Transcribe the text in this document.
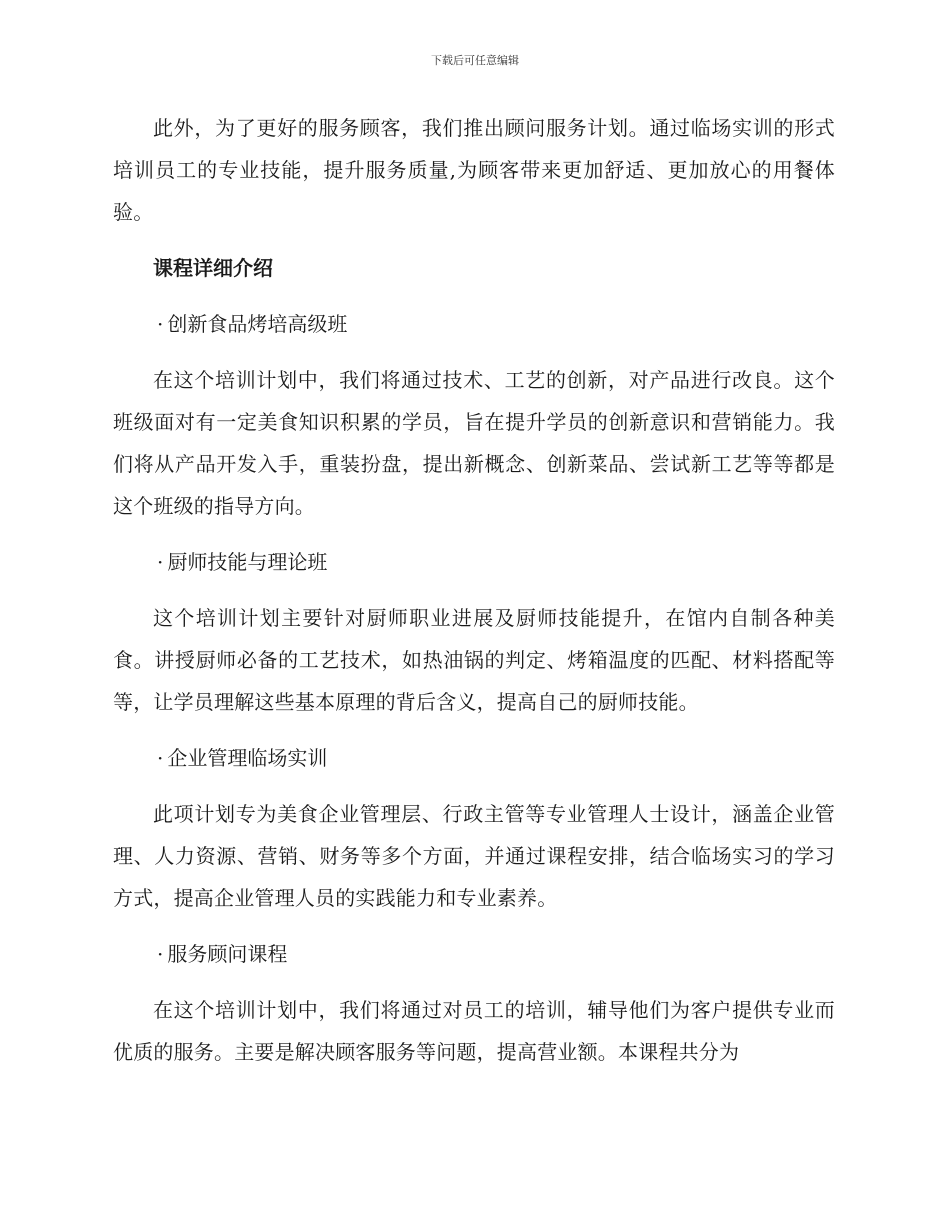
下载后可任意编辑

此外，为了更好的服务顾客，我们推出顾问服务计划。通过临场实训的形式培训员工的专业技能，提升服务质量,为顾客带来更加舒适、更加放心的用餐体验。

课程详细介绍

· 创新食品烤培高级班

在这个培训计划中，我们将通过技术、工艺的创新，对产品进行改良。这个班级面对有一定美食知识积累的学员，旨在提升学员的创新意识和营销能力。我们将从产品开发入手，重装扮盘，提出新概念、创新菜品、尝试新工艺等等都是这个班级的指导方向。

· 厨师技能与理论班

这个培训计划主要针对厨师职业进展及厨师技能提升，在馆内自制各种美食。讲授厨师必备的工艺技术，如热油锅的判定、烤箱温度的匹配、材料搭配等等，让学员理解这些基本原理的背后含义，提高自己的厨师技能。

· 企业管理临场实训

此项计划专为美食企业管理层、行政主管等专业管理人士设计，涵盖企业管理、人力资源、营销、财务等多个方面，并通过课程安排，结合临场实习的学习方式，提高企业管理人员的实践能力和专业素养。

· 服务顾问课程

在这个培训计划中，我们将通过对员工的培训，辅导他们为客户提供专业而优质的服务。主要是解决顾客服务等问题，提高营业额。本课程共分为
